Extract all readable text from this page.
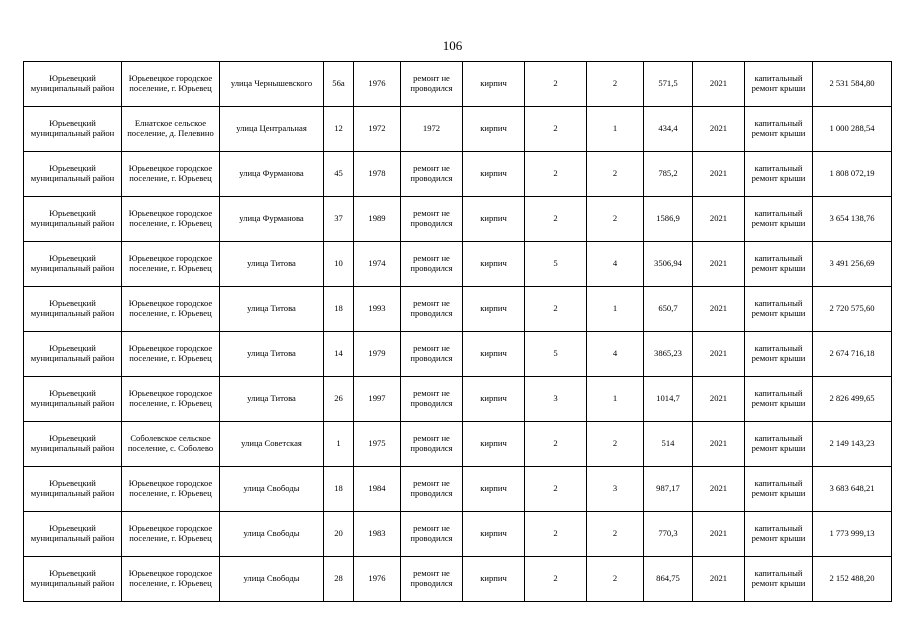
106
Юрьевецкий муниципальный район	Юрьевецкое городское поселение, г. Юрьевец	улица Чернышевского	56а	1976	ремонт не проводился	кирпич	2	2	571,5	2021	капитальный ремонт крыши	2 531 584,80
Юрьевецкий муниципальный район	Елнатское сельское поселение, д. Пелевино	улица Центральная	12	1972	1972	кирпич	2	1	434,4	2021	капитальный ремонт крыши	1 000 288,54
Юрьевецкий муниципальный район	Юрьевецкое городское поселение, г. Юрьевец	улица Фурманова	45	1978	ремонт не проводился	кирпич	2	2	785,2	2021	капитальный ремонт крыши	1 808 072,19
Юрьевецкий муниципальный район	Юрьевецкое городское поселение, г. Юрьевец	улица Фурманова	37	1989	ремонт не проводился	кирпич	2	2	1586,9	2021	капитальный ремонт крыши	3 654 138,76
Юрьевецкий муниципальный район	Юрьевецкое городское поселение, г. Юрьевец	улица Титова	10	1974	ремонт не проводился	кирпич	5	4	3506,94	2021	капитальный ремонт крыши	3 491 256,69
Юрьевецкий муниципальный район	Юрьевецкое городское поселение, г. Юрьевец	улица Титова	18	1993	ремонт не проводился	кирпич	2	1	650,7	2021	капитальный ремонт крыши	2 720 575,60
Юрьевецкий муниципальный район	Юрьевецкое городское поселение, г. Юрьевец	улица Титова	14	1979	ремонт не проводился	кирпич	5	4	3865,23	2021	капитальный ремонт крыши	2 674 716,18
Юрьевецкий муниципальный район	Юрьевецкое городское поселение, г. Юрьевец	улица Титова	26	1997	ремонт не проводился	кирпич	3	1	1014,7	2021	капитальный ремонт крыши	2 826 499,65
Юрьевецкий муниципальный район	Соболевское сельское поселение, с. Соболево	улица Советская	1	1975	ремонт не проводился	кирпич	2	2	514	2021	капитальный ремонт крыши	2 149 143,23
Юрьевецкий муниципальный район	Юрьевецкое городское поселение, г. Юрьевец	улица Свободы	18	1984	ремонт не проводился	кирпич	2	3	987,17	2021	капитальный ремонт крыши	3 683 648,21
Юрьевецкий муниципальный район	Юрьевецкое городское поселение, г. Юрьевец	улица Свободы	20	1983	ремонт не проводился	кирпич	2	2	770,3	2021	капитальный ремонт крыши	1 773 999,13
Юрьевецкий муниципальный район	Юрьевецкое городское поселение, г. Юрьевец	улица Свободы	28	1976	ремонт не проводился	кирпич	2	2	864,75	2021	капитальный ремонт крыши	2 152 488,20
